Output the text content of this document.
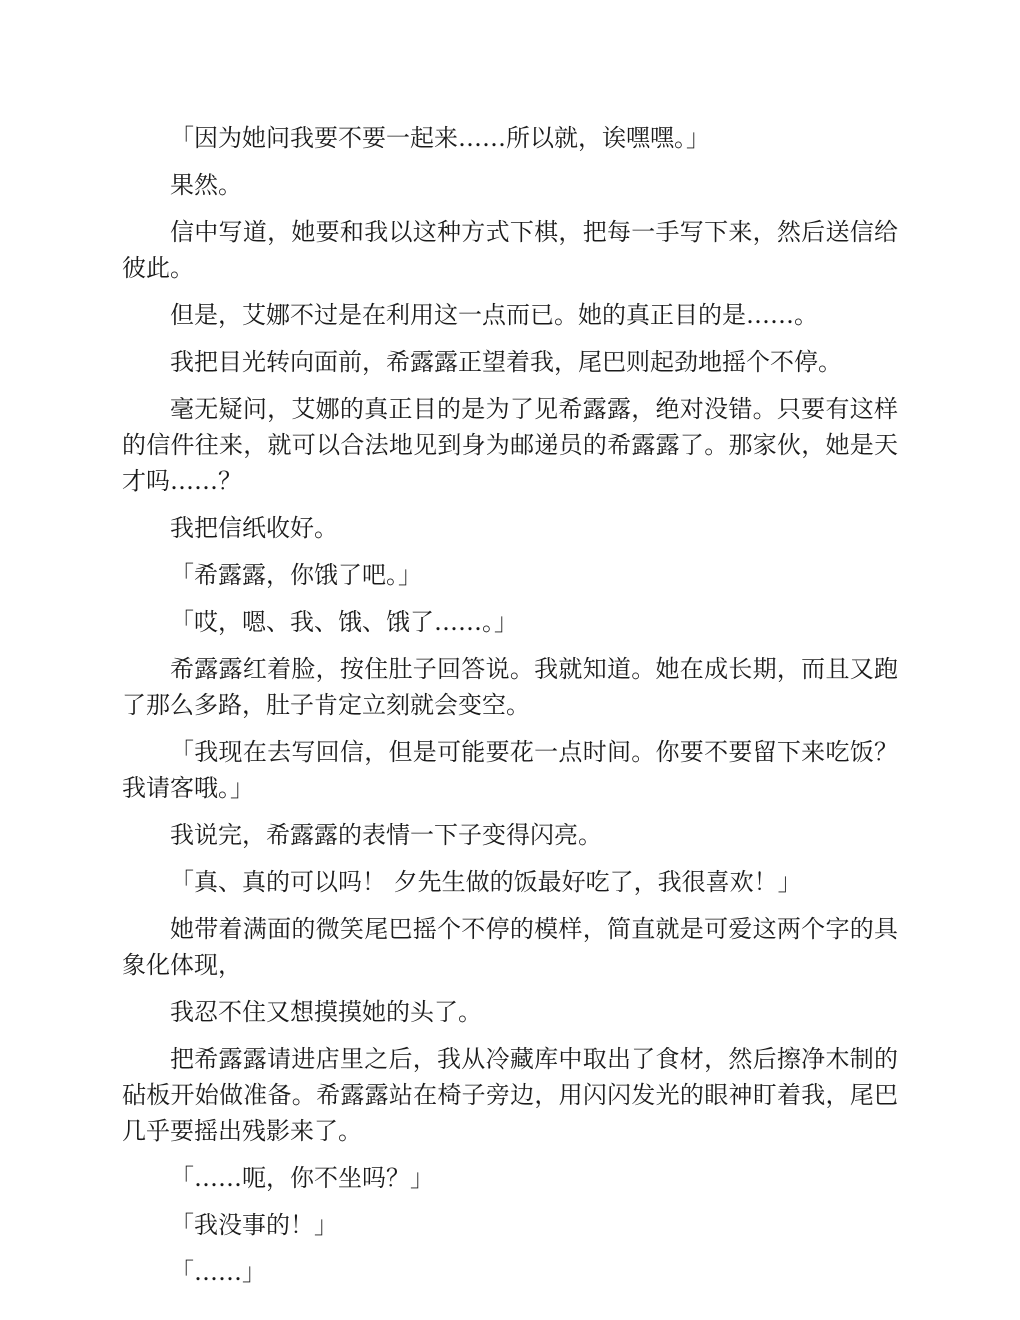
「因为她问我要不要一起来……所以就，诶嘿嘿。」

果然。

信中写道，她要和我以这种方式下棋，把每一手写下来，然后送信给彼此。

但是，艾娜不过是在利用这一点而已。她的真正目的是……。

我把目光转向面前，希露露正望着我，尾巴则起劲地摇个不停。

毫无疑问，艾娜的真正目的是为了见希露露，绝对没错。只要有这样的信件往来，就可以合法地见到身为邮递员的希露露了。那家伙，她是天才吗……？

我把信纸收好。

「希露露，你饿了吧。」

「哎，嗯、我、饿、饿了……。」

希露露红着脸，按住肚子回答说。我就知道。她在成长期，而且又跑了那么多路，肚子肯定立刻就会变空。

「我现在去写回信，但是可能要花一点时间。你要不要留下来吃饭？ 我请客哦。」

我说完，希露露的表情一下子变得闪亮。

「真、真的可以吗！ 夕先生做的饭最好吃了，我很喜欢！」

她带着满面的微笑尾巴摇个不停的模样，简直就是可爱这两个字的具象化体现，

我忍不住又想摸摸她的头了。

把希露露请进店里之后，我从冷藏库中取出了食材，然后擦净木制的砧板开始做准备。希露露站在椅子旁边，用闪闪发光的眼神盯着我，尾巴几乎要摇出残影来了。

「……呃，你不坐吗？」

「我没事的！」

「……」
